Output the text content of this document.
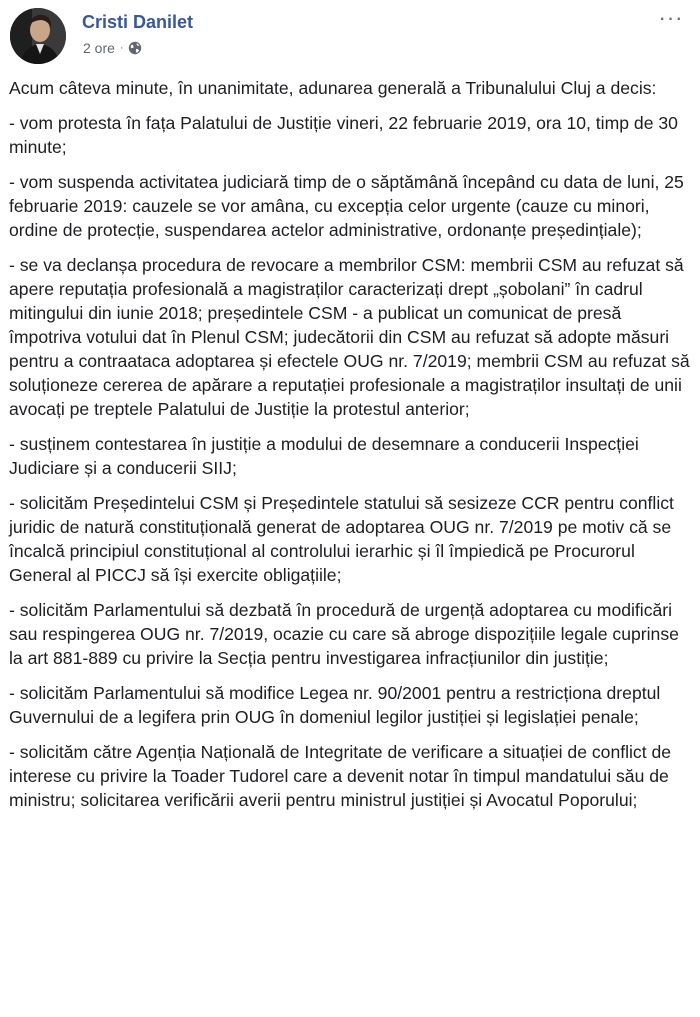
Cristi Danilet
2 ore ·
···

Acum câteva minute, în unanimitate, adunarea generală a Tribunalului Cluj a decis:

- vom protesta în fața Palatului de Justiție vineri, 22 februarie 2019, ora 10, timp de 30 minute;

- vom suspenda activitatea judiciară timp de o săptămână începând cu data de luni, 25 februarie 2019: cauzele se vor amâna, cu excepția celor urgente (cauze cu minori, ordine de protecție, suspendarea actelor administrative, ordonanțe președințiale);

- se va declanșa procedura de revocare a membrilor CSM: membrii CSM au refuzat să apere reputația profesională a magistraților caracterizați drept „șobolani” în cadrul mitingului din iunie 2018; președintele CSM - a publicat un comunicat de presă împotriva votului dat în Plenul CSM; judecătorii din CSM au refuzat să adopte măsuri pentru a contraataca adoptarea și efectele OUG nr. 7/2019; membrii CSM au refuzat să soluționeze cererea de apărare a reputației profesionale a magistraților insultați de unii avocați pe treptele Palatului de Justiție la protestul anterior;

- susținem contestarea în justiție a modului de desemnare a conducerii Inspecției Judiciare și a conducerii SIIJ;

- solicităm Președintelui CSM și Președintele statului să sesizeze CCR pentru conflict juridic de natură constituțională generat de adoptarea OUG nr. 7/2019 pe motiv că se încalcă principiul constituțional al controlului ierarhic și îl împiedică pe Procurorul General al PICCJ să își exercite obligațiile;

- solicităm Parlamentului să dezbată în procedură de urgență adoptarea cu modificări sau respingerea OUG nr. 7/2019, ocazie cu care să abroge dispozițiile legale cuprinse la art 881-889 cu privire la Secția pentru investigarea infracțiunilor din justiție;

- solicităm Parlamentului să modifice Legea nr. 90/2001 pentru a restricționa dreptul Guvernului de a legifera prin OUG în domeniul legilor justiției și legislației penale;

- solicităm către Agenția Națională de Integritate de verificare a situației de conflict de interese cu privire la Toader Tudorel care a devenit notar în timpul mandatului său de ministru; solicitarea verificării averii pentru ministrul justiției și Avocatul Poporului;
